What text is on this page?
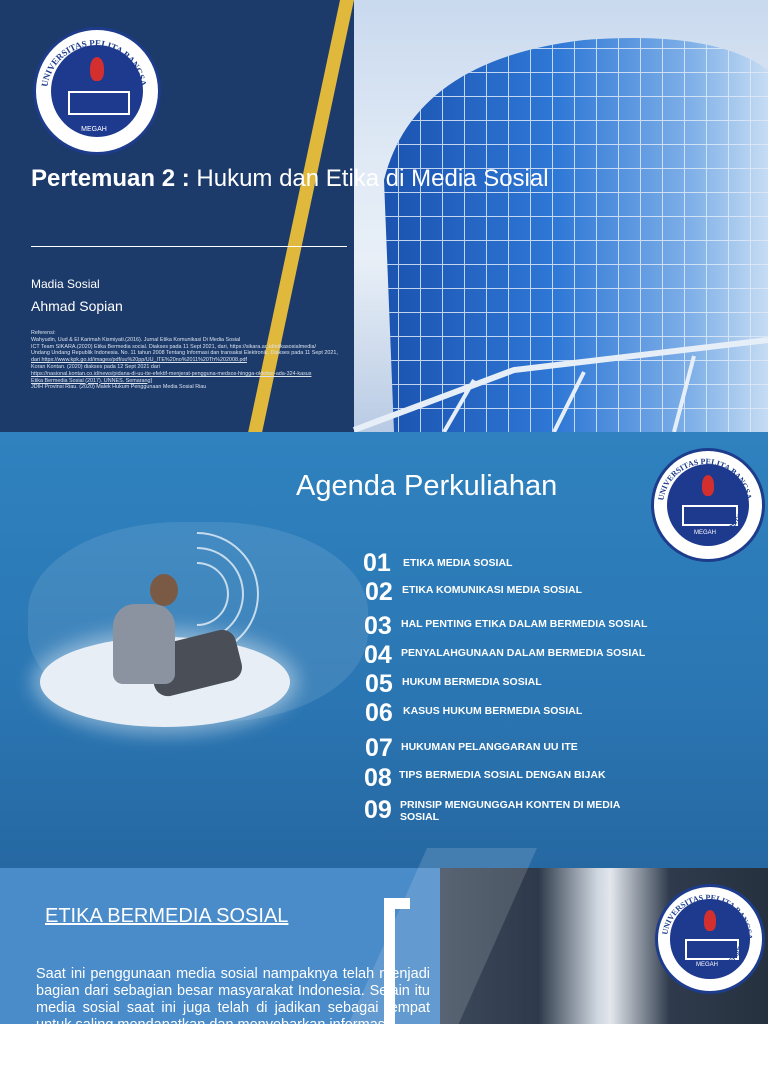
UNIVERSITAS PELITA BANGSA
MEGAH
Pertemuan 2 : Hukum dan Etika di Media Sosial
Madia Sosial
Ahmad Sopian
Referensi:
Wahyudin, Uud & El Karimah Kismiyati.(2016). Jurnal Etika Komunikasi Di Media Sosial
ICT Team SIKARA.(2020) Etika Bermedia social. Diakses pada 11 Sept 2021, dari, https://sikara.ac.id/etikasosialmedia/
Undang Undang Republik Indonesia. No. 11 tahun 2008 Tentang Informasi dan transaksi Elektronik. Diakses pada 11 Sept 2021,
dari https://www.kpk.go.id/images/pdf/uu%20pp/UU_ITE%20no%2011%20Th%202008.pdf
Koran Kontan. (2020) diakses pada 12 Sept 2021 dari
https://nasional.kontan.co.id/news/pidana-di-uu-ite-efektif-menjerat-pengguna-medsos-hingga-oktober-ada-324-kasus
Etika Bermedia Sosial (2017). UNNES. Semarang]
JDIH Provinsi Riau. (2020) Malek Hukum Penggunaan Media Sosial Riau
Agenda Perkuliahan	UNIVERSITAS PELITA BANGSA
ENTREPRENEUR UNIVERSITY
MEGAH
01 ETIKA MEDIA SOSIAL
02 ETIKA KOMUNIKASI MEDIA SOSIAL
03 HAL PENTING ETIKA DALAM BERMEDIA SOSIAL
04 PENYALAHGUNAAN DALAM BERMEDIA SOSIAL
05 HUKUM BERMEDIA SOSIAL
06 KASUS HUKUM BERMEDIA SOSIAL
07 HUKUMAN PELANGGARAN UU ITE
08 TIPS BERMEDIA SOSIAL DENGAN BIJAK
09 PRINSIP MENGUNGGAH KONTEN DI MEDIA SOSIAL
UNIVERSITAS PELITA BANGSA
ENTREPRENEUR UNIVERSITY
MEGAH
ETIKA BERMEDIA SOSIAL

Saat ini penggunaan media sosial nampaknya telah menjadi bagian dari sebagian besar masyarakat Indonesia. Selain itu media sosial saat ini juga telah di jadikan sebagai tempat untuk saling mendapatkan dan menyebarkan informasi
